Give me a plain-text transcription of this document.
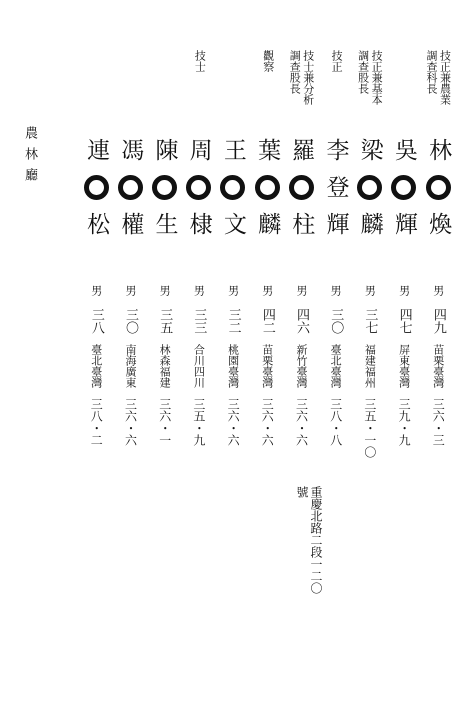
農林廳
技正兼農業
調查科長
林
煥
男
四九
苗栗臺灣
三六・三
吳
輝
男
四七
屏東臺灣
三九・九
技正兼基本
調查股長
梁
麟
男
三七
福建福州
三五・一〇
技正
李
登
輝
男
三〇
臺北臺灣
三八・八
技士兼分析
調查股長
羅
柱
男
四六
新竹臺灣
三六・六
觀察
葉
麟
男
四二
苗栗臺灣
三六・六
王
文
男
三二
桃園臺灣
三六・六
技士
周
棣
男
三三
合川四川
三五・九
陳
生
男
三五
林森福建
三六・一
馮
權
男
三〇
南海廣東
三六・六
連
松
男
三八
臺北臺灣
三八・二
重慶北路二段一二〇
號
